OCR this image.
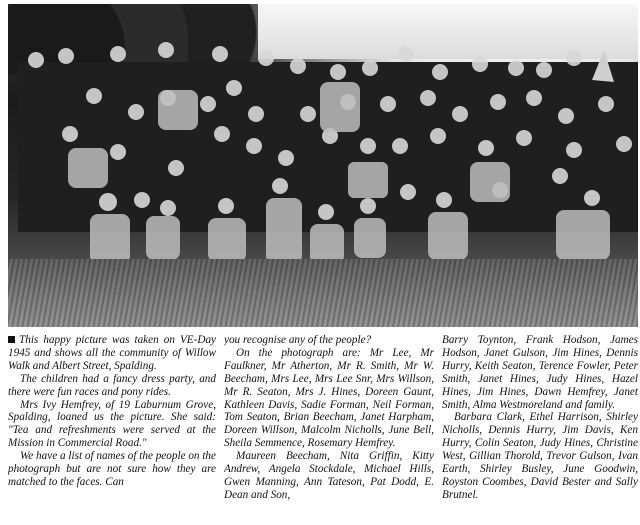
This happy picture was taken on VE-Day 1945 and shows all the community of Willow Walk and Albert Street, Spalding.

The children had a fancy dress party, and there were fun races and pony rides.

Mrs Ivy Hemfrey, of 19 Laburnum Grove, Spalding, loaned us the picture. She said: "Tea and refreshments were served at the Mission in Commercial Road."

We have a list of names of the people on the photograph but are not sure how they are matched to the faces. Can

you recognise any of the people?

On the photograph are: Mr Lee, Mr Faulkner, Mr Atherton, Mr R. Smith, Mr W. Beecham, Mrs Lee, Mrs Lee Snr, Mrs Willson, Mr R. Seaton, Mrs J. Hines, Doreen Gaunt, Kathleen Davis, Sadie Forman, Neil Forman, Tom Seaton, Brian Beecham, Janet Harpham, Doreen Willson, Malcolm Nicholls, June Bell, Sheila Semmence, Rosemary Hemfrey.

Maureen Beecham, Nita Griffin, Kitty Andrew, Angela Stockdale, Michael Hills, Gwen Manning, Ann Tateson, Pat Dodd, E. Dean and Son,

Barry Toynton, Frank Hodson, James Hodson, Janet Gulson, Jim Hines, Dennis Hurry, Keith Seaton, Terence Fowler, Peter Smith, Janet Hines, Judy Hines, Hazel Hines, Jim Hines, Dawn Hemfrey, Janet Smith, Alma Westmoreland and family.

Barbara Clark, Ethel Harrison, Shirley Nicholls, Dennis Hurry, Jim Davis, Ken Hurry, Colin Seaton, Judy Hines, Christine West, Gillian Thorold, Trevor Gulson, Ivan Earth, Shirley Busley, June Goodwin, Royston Coombes, David Bester and Sally Brutnel.
